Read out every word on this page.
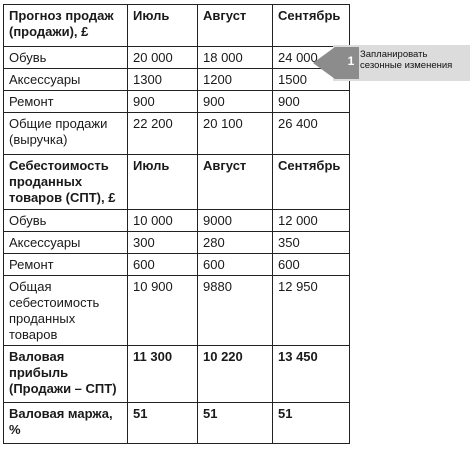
Прогноз продаж (продажи), £	Июль	Август	Сентябрь
Обувь	20 000	18 000	24 000
Аксессуары	1300	1200	1500
Ремонт	900	900	900
Общие продажи (выручка)	22 200	20 100	26 400
Себестоимость проданных товаров (СПТ), £	Июль	Август	Сентябрь
Обувь	10 000	9000	12 000
Аксессуары	300	280	350
Ремонт	600	600	600
Общая себестоимость проданных товаров	10 900	9880	12 950
Валовая прибыль (Продажи – СПТ)	11 300	10 220	13 450
Валовая маржа, %	51	51	51
1 Запланировать сезонные изменения
